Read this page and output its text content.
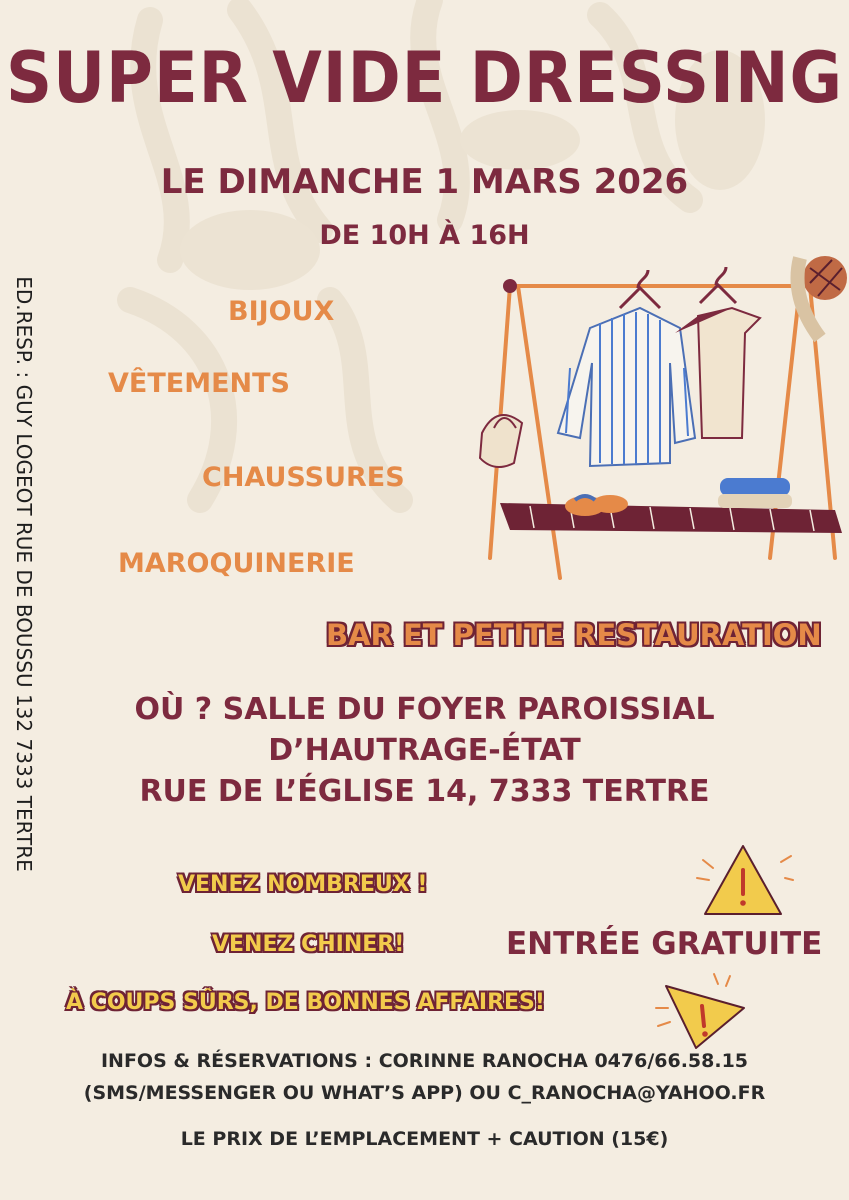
SUPER VIDE DRESSING
LE DIMANCHE 1 MARS 2026
DE 10H À 16H
BIJOUX
VÊTEMENTS
CHAUSSURES
MAROQUINERIE
BAR ET PETITE RESTAURATION
OÙ ? SALLE DU FOYER PAROISSIAL
D’HAUTRAGE-ÉTAT
RUE DE L’ÉGLISE 14, 7333 TERTRE
VENEZ NOMBREUX !
VENEZ CHINER!
À COUPS SÛRS, DE BONNES AFFAIRES!
ENTRÉE GRATUITE
INFOS & RÉSERVATIONS : CORINNE RANOCHA 0476/66.58.15
(SMS/MESSENGER OU WHAT’S APP) OU C_RANOCHA@YAHOO.FR
LE PRIX DE L’EMPLACEMENT + CAUTION (15€)
ED.RESP. : GUY LOGEOT RUE DE BOUSSU 132 7333 TERTRE
